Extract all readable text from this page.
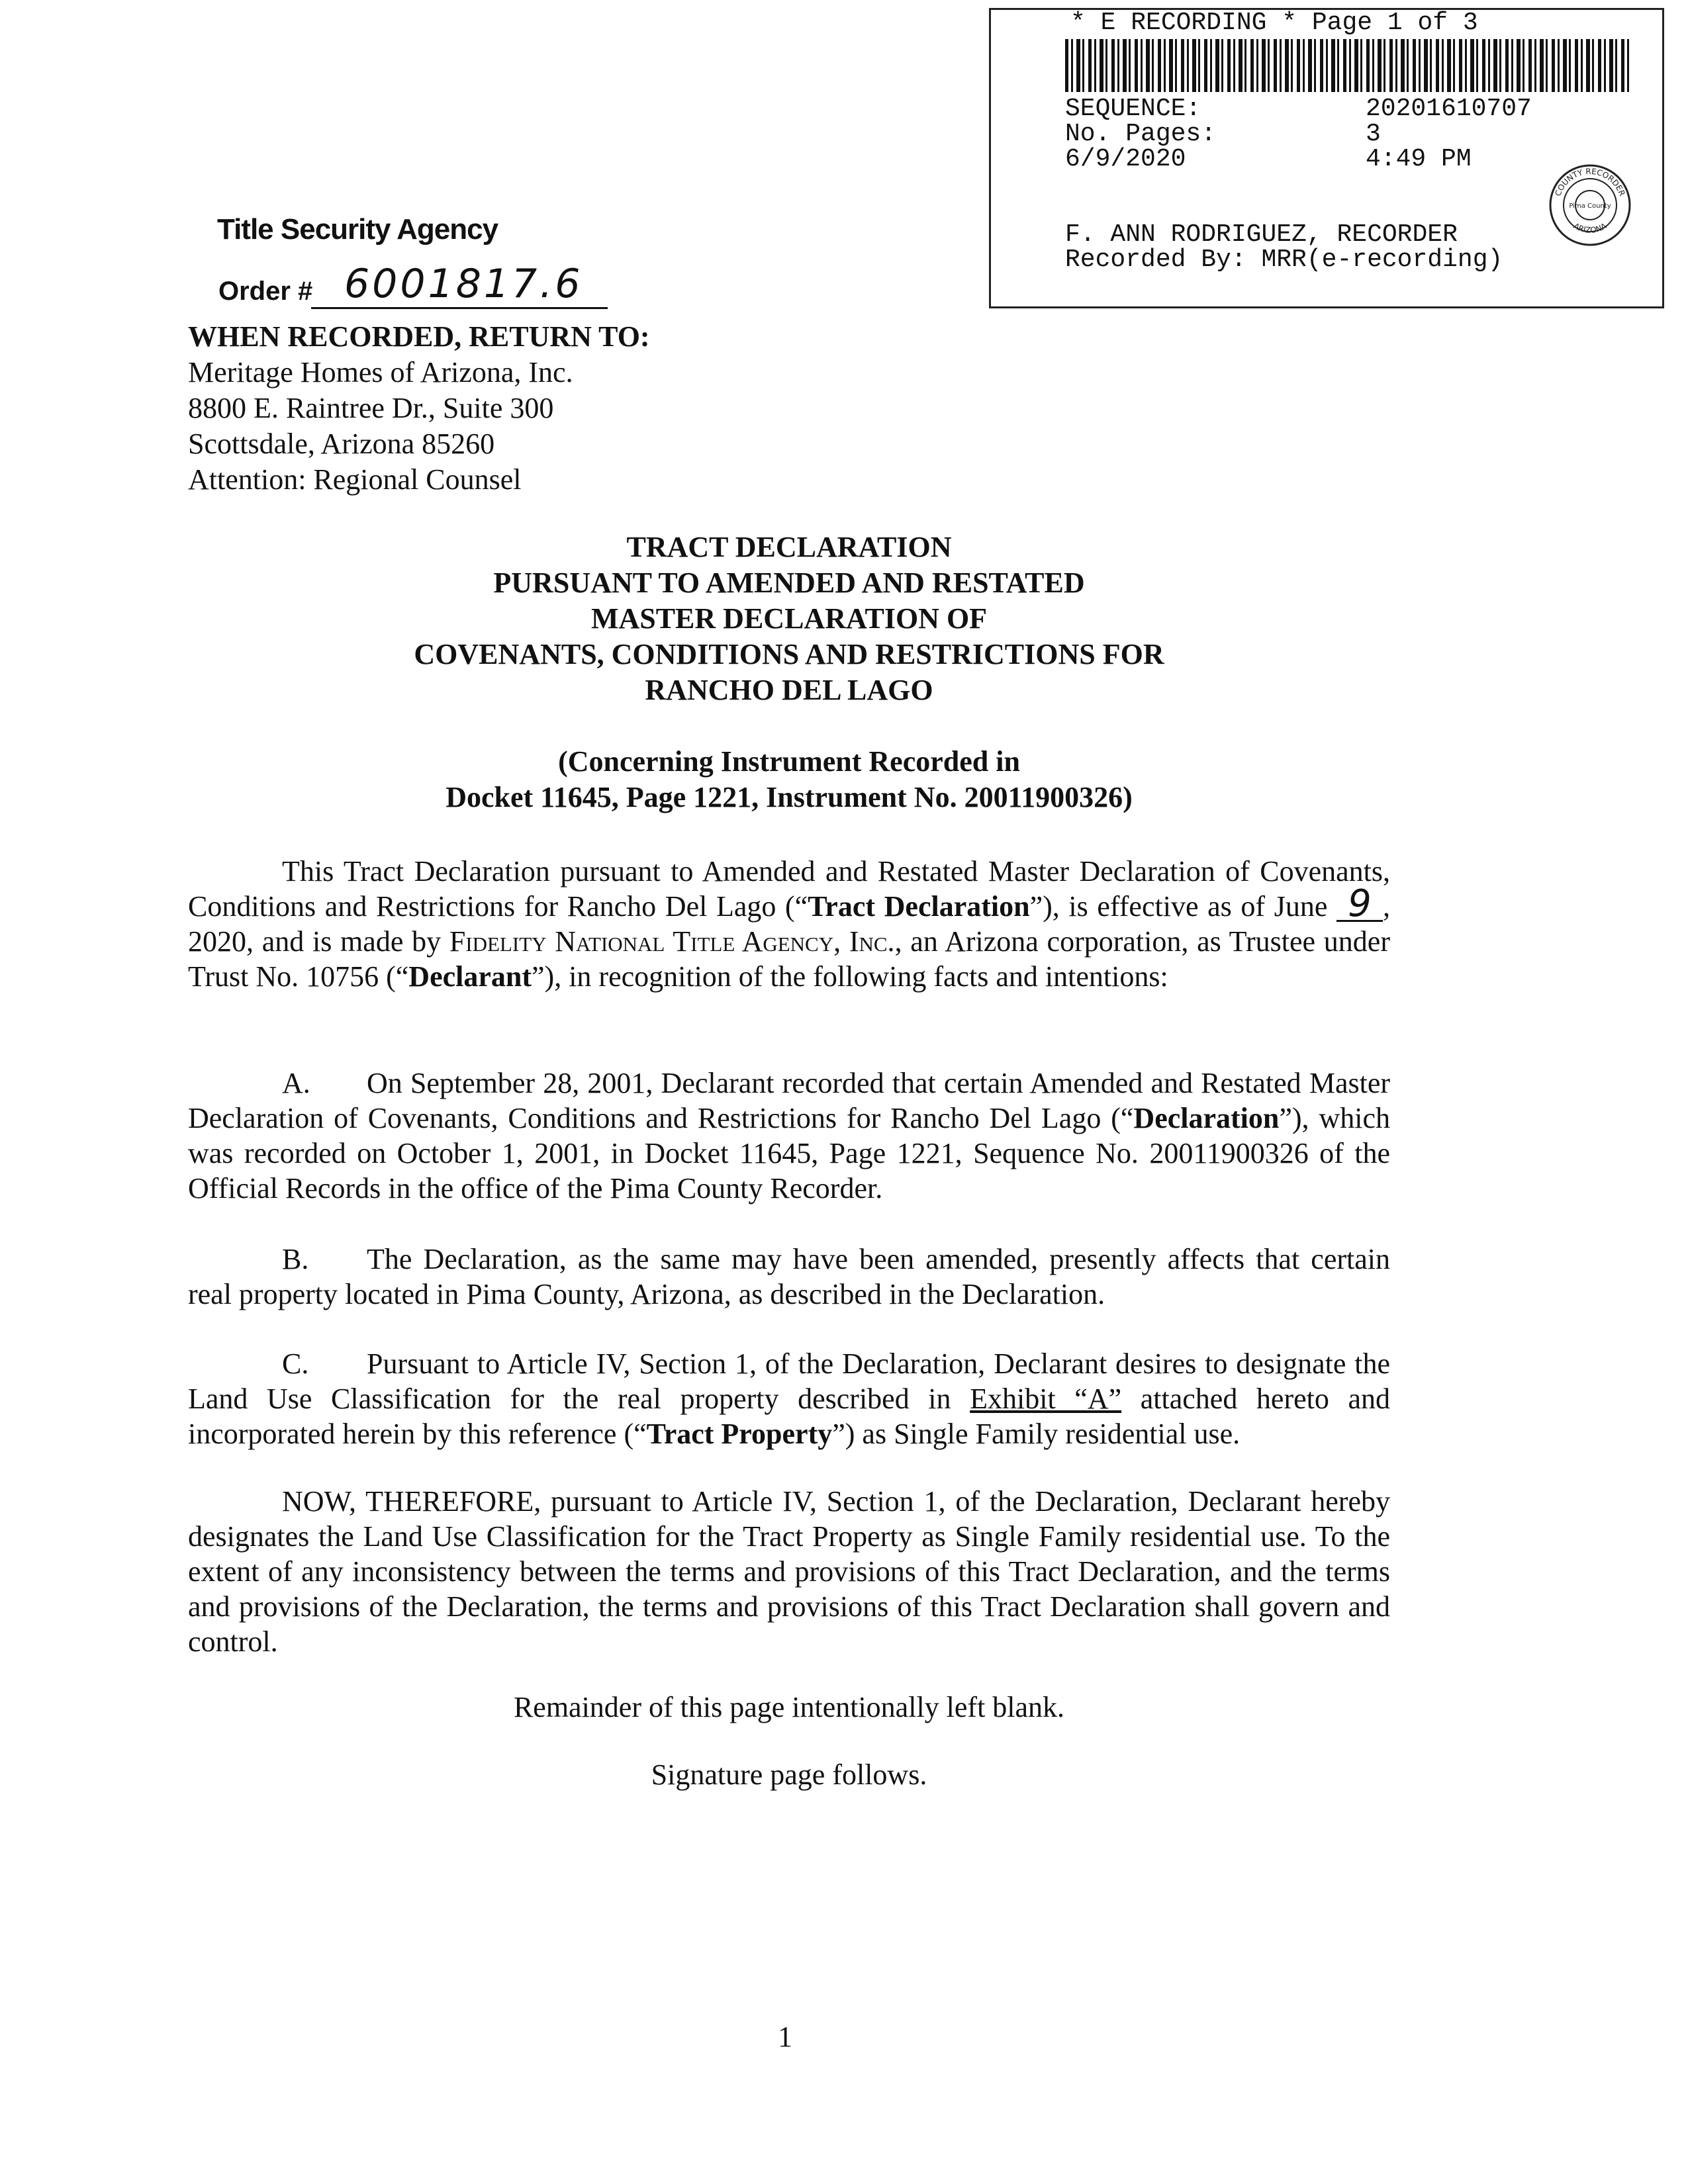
* E RECORDING * Page 1 of 3
SEQUENCE:	20201610707
No. Pages:	3
6/9/2020	4:49 PM
F. ANN RODRIGUEZ, RECORDER
Recorded By: MRR(e-recording)
COUNTY RECORDER
ARIZONA
Pima County
Title Security Agency
Order # 6001817.6
WHEN RECORDED, RETURN TO:
Meritage Homes of Arizona, Inc.
8800 E. Raintree Dr., Suite 300
Scottsdale, Arizona 85260
Attention: Regional Counsel
TRACT DECLARATION
PURSUANT TO AMENDED AND RESTATED
MASTER DECLARATION OF
COVENANTS, CONDITIONS AND RESTRICTIONS FOR
RANCHO DEL LAGO
(Concerning Instrument Recorded in
Docket 11645, Page 1221, Instrument No. 20011900326)
This Tract Declaration pursuant to Amended and Restated Master Declaration of Covenants, Conditions and Restrictions for Rancho Del Lago (“Tract Declaration”), is effective as of June 9 , 2020, and is made by Fidelity National Title Agency, Inc., an Arizona corporation, as Trustee under Trust No. 10756 (“Declarant”), in recognition of the following facts and intentions:
A. On September 28, 2001, Declarant recorded that certain Amended and Restated Master Declaration of Covenants, Conditions and Restrictions for Rancho Del Lago (“Declaration”), which was recorded on October 1, 2001, in Docket 11645, Page 1221, Sequence No. 20011900326 of the Official Records in the office of the Pima County Recorder.
B. The Declaration, as the same may have been amended, presently affects that certain real property located in Pima County, Arizona, as described in the Declaration.
C. Pursuant to Article IV, Section 1, of the Declaration, Declarant desires to designate the Land Use Classification for the real property described in Exhibit “A” attached hereto and incorporated herein by this reference (“Tract Property”) as Single Family residential use.
NOW, THEREFORE, pursuant to Article IV, Section 1, of the Declaration, Declarant hereby designates the Land Use Classification for the Tract Property as Single Family residential use. To the extent of any inconsistency between the terms and provisions of this Tract Declaration, and the terms and provisions of the Declaration, the terms and provisions of this Tract Declaration shall govern and control.
Remainder of this page intentionally left blank.
Signature page follows.
1
